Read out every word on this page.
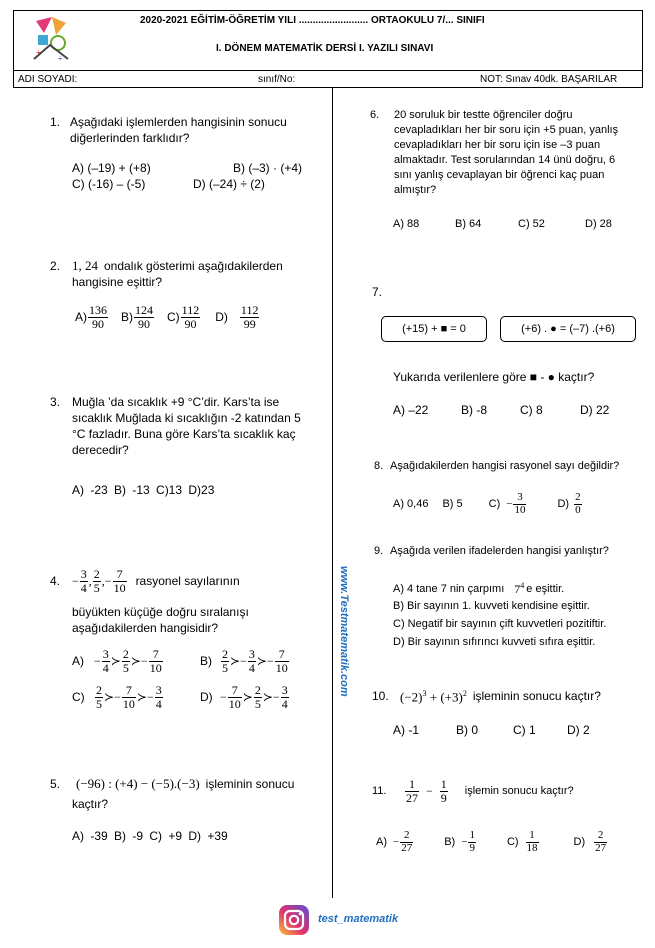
+
÷
2020-2021 EĞİTİM-ÖĞRETİM YILI ......................... ORTAOKULU 7/... SINIFI
I. DÖNEM MATEMATİK DERSİ I. YAZILI SINAVI
ADI SOYADI:	sınıf/No:	NOT: Sınav 40dk. BAŞARILAR
www.Testmatematik.com
1. Aşağıdaki işlemlerden hangisinin sonucu diğerlerinden farklıdır?
A) (–19) + (+8)	B) (–3) · (+4)
C) (-16) – (-5)	D) (–24) ÷ (2)
2. 1, 24 ondalık gösterimi aşağıdakilerden hangisine eşittir?
$A) \frac{136}{90} B) \frac{124}{90} C) \frac{112}{90} D) \frac{112}{99}$
3. Muğla ’da sıcaklık +9 °C’dir. Kars’ta ise sıcaklık Muğlada ki sıcaklığın -2 katından 5 °C fazladır. Buna göre Kars’ta sıcaklık kaç derecedir?
A) -23 B) -13 C)13 D)23
4. − $\frac{3}{4}$ , $\frac{2}{5}$ , − $\frac{7}{10}$ rasyonel sayılarının
büyükten küçüğe doğru sıralanışı aşağıdakilerden hangisidir?
$A) - \frac{3}{4}$ ≻ $\frac{2}{5}$ ≻ − $\frac{7}{10}$	$B) \frac{2}{5}$ ≻ − $\frac{3}{4}$ ≻ − $\frac{7}{10}$
$C) \frac{2}{5}$ ≻ − $\frac{7}{10}$ ≻ − $\frac{3}{4}$	$D) - \frac{7}{10}$ ≻ $\frac{2}{5}$ ≻ − $\frac{3}{4}$
5.	(−96) : (+4) − (−5).(−3) işleminin sonucu
kaçtır?
A) -39 B) -9 C) +9 D) +39
6.	20 soruluk bir testte öğrenciler doğru cevapladıkları her bir soru için +5 puan, yanlış cevapladıkları her bir soru için ise –3 puan almaktadır. Test sorularından 14 ünü doğru, 6 sını yanlış cevaplayan bir öğrenci kaç puan almıştır?
A) 88	B) 64	C) 52	D) 28
7.
(+15) + ■ = 0	(+6) . ● = (–7) .(+6)
Yukarıda verilenlere göre ■ - ● kaçtır?
A) –22	B) -8	C) 8	D) 22
8. Aşağıdakilerden hangisi rasyonel sayı değildir?
A) 0,46 B) 5 $C) - \frac{3}{10}$	$D) \frac{2}{0}$
9. Aşağıda verilen ifadelerden hangisi yanlıştır?
A) 4 tane 7 nin çarpımı $7^4$ e eşittir.
B) Bir sayının 1. kuvveti kendisine eşittir.
C) Negatif bir sayının çift kuvvetleri pozitiftir.
D) Bir sayının sıfırıncı kuvveti sıfıra eşittir.
10. $(-2)^3 + (+3)^2$ işleminin sonucu kaçtır?
A) -1	B) 0	C) 1	D) 2
11.	$\frac{1}{27} - \frac{1}{9}$ işlemin sonucu kaçtır?
$A) - \frac{2}{27}$	$B) - \frac{1}{9}$	$C) \frac{1}{18}$	$D) \frac{2}{27}$
test_matematik
